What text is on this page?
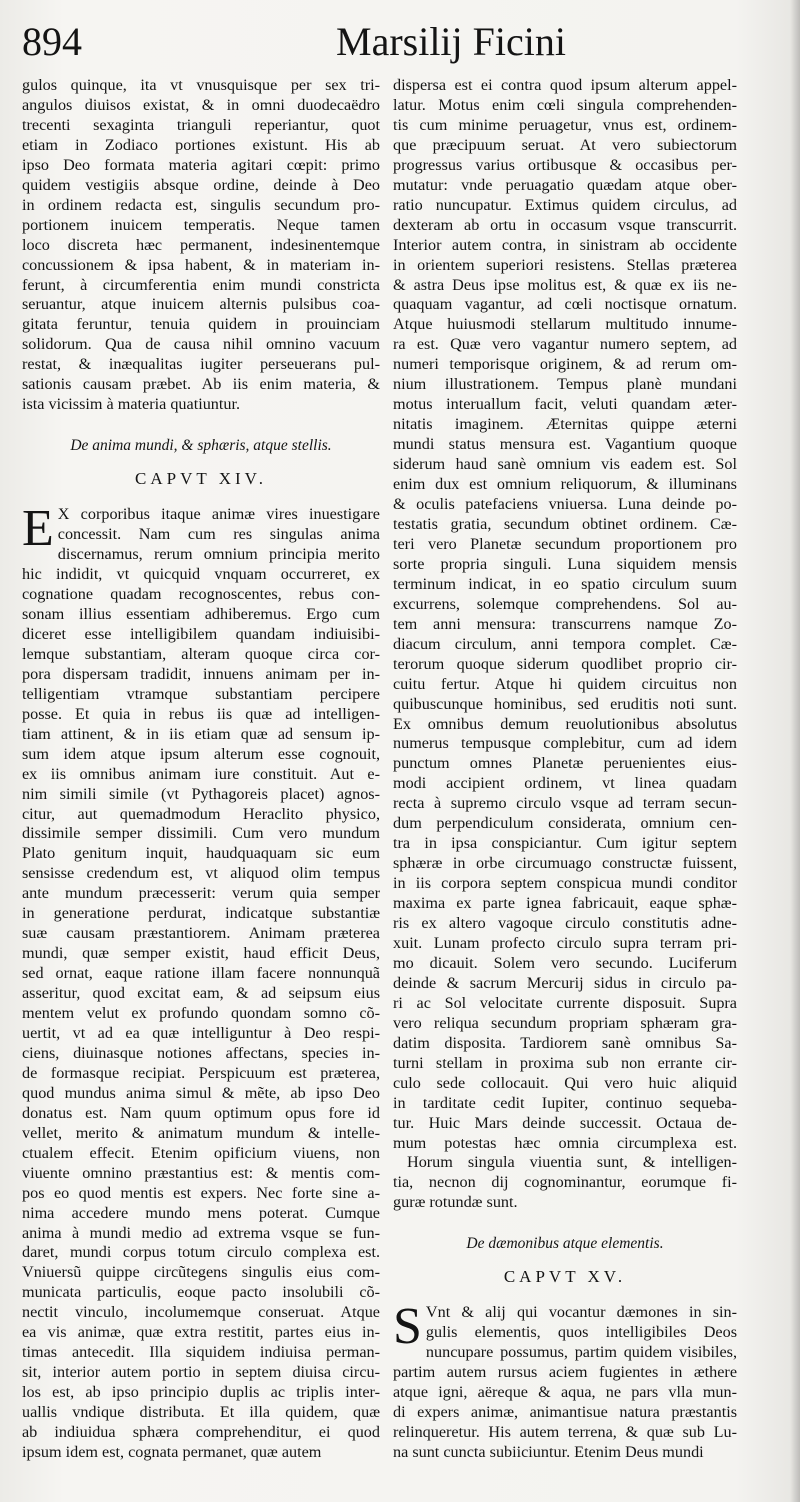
894	Marsilij Ficini
gulos quinque, ita vt vnusquisque per sex tri-
angulos diuisos existat, & in omni duodecaëdro
trecenti sexaginta trianguli reperiantur, quot
etiam in Zodiaco portiones existunt. His ab
ipso Deo formata materia agitari cœpit: primo
quidem vestigiis absque ordine, deinde à Deo
in ordinem redacta est, singulis secundum pro-
portionem inuicem temperatis. Neque tamen
loco discreta hæc permanent, indesinentemque
concussionem & ipsa habent, & in materiam in-
ferunt, à circumferentia enim mundi constricta
seruantur, atque inuicem alternis pulsibus coa-
gitata feruntur, tenuia quidem in prouinciam
solidorum. Qua de causa nihil omnino vacuum
restat, & inæqualitas iugiter perseuerans pul-
sationis causam præbet. Ab iis enim materia, &
ista vicissim à materia quatiuntur.
De anima mundi, & sphæris, atque stellis.
CAPVT XIV.
E X corporibus itaque animæ vires inuestigare
concessit. Nam cum res singulas anima
discernamus, rerum omnium principia merito
hic indidit, vt quicquid vnquam occurreret, ex
cognatione quadam recognoscentes, rebus con-
sonam illius essentiam adhiberemus. Ergo cum
diceret esse intelligibilem quandam indiuisibi-
lemque substantiam, alteram quoque circa cor-
pora dispersam tradidit, innuens animam per in-
telligentiam vtramque substantiam percipere
posse. Et quia in rebus iis quæ ad intelligen-
tiam attinent, & in iis etiam quæ ad sensum ip-
sum idem atque ipsum alterum esse cognouit,
ex iis omnibus animam iure constituit. Aut e-
nim simili simile (vt Pythagoreis placet) agnos-
citur, aut quemadmodum Heraclito physico,
dissimile semper dissimili. Cum vero mundum
Plato genitum inquit, haudquaquam sic eum
sensisse credendum est, vt aliquod olim tempus
ante mundum præcesserit: verum quia semper
in generatione perdurat, indicatque substantiæ
suæ causam præstantiorem. Animam præterea
mundi, quæ semper existit, haud efficit Deus,
sed ornat, eaque ratione illam facere nonnunquã
asseritur, quod excitat eam, & ad seipsum eius
mentem velut ex profundo quondam somno cõ-
uertit, vt ad ea quæ intelliguntur à Deo respi-
ciens, diuinasque notiones affectans, species in-
de formasque recipiat. Perspicuum est præterea,
quod mundus anima simul & mẽte, ab ipso Deo
donatus est. Nam quum optimum opus fore id
vellet, merito & animatum mundum & intelle-
ctualem effecit. Etenim opificium viuens, non
viuente omnino præstantius est: & mentis com-
pos eo quod mentis est expers. Nec forte sine a-
nima accedere mundo mens poterat. Cumque
anima à mundi medio ad extrema vsque se fun-
daret, mundi corpus totum circulo complexa est.
Vniuersũ quippe circũtegens singulis eius com-
municata particulis, eoque pacto insolubili cõ-
nectit vinculo, incolumemque conseruat. Atque
ea vis animæ, quæ extra restitit, partes eius in-
timas antecedit. Illa siquidem indiuisa perman-
sit, interior autem portio in septem diuisa circu-
los est, ab ipso principio duplis ac triplis inter-
uallis vndique distributa. Et illa quidem, quæ
ab indiuidua sphæra comprehenditur, ei quod
ipsum idem est, cognata permanet, quæ autem
dispersa est ei contra quod ipsum alterum appel-
latur. Motus enim cœli singula comprehenden-
tis cum minime peruagetur, vnus est, ordinem-
que præcipuum seruat. At vero subiectorum
progressus varius ortibusque & occasibus per-
mutatur: vnde peruagatio quædam atque ober-
ratio nuncupatur. Extimus quidem circulus, ad
dexteram ab ortu in occasum vsque transcurrit.
Interior autem contra, in sinistram ab occidente
in orientem superiori resistens. Stellas præterea
& astra Deus ipse molitus est, & quæ ex iis ne-
quaquam vagantur, ad cœli noctisque ornatum.
Atque huiusmodi stellarum multitudo innume-
ra est. Quæ vero vagantur numero septem, ad
numeri temporisque originem, & ad rerum om-
nium illustrationem. Tempus planè mundani
motus interuallum facit, veluti quandam æter-
nitatis imaginem. Æternitas quippe æterni
mundi status mensura est. Vagantium quoque
siderum haud sanè omnium vis eadem est. Sol
enim dux est omnium reliquorum, & illuminans
& oculis patefaciens vniuersa. Luna deinde po-
testatis gratia, secundum obtinet ordinem. Cæ-
teri vero Planetæ secundum proportionem pro
sorte propria singuli. Luna siquidem mensis
terminum indicat, in eo spatio circulum suum
excurrens, solemque comprehendens. Sol au-
tem anni mensura: transcurrens namque Zo-
diacum circulum, anni tempora complet. Cæ-
terorum quoque siderum quodlibet proprio cir-
cuitu fertur. Atque hi quidem circuitus non
quibuscunque hominibus, sed eruditis noti sunt.
Ex omnibus demum reuolutionibus absolutus
numerus tempusque complebitur, cum ad idem
punctum omnes Planetæ peruenientes eius-
modi accipient ordinem, vt linea quadam
recta à supremo circulo vsque ad terram secun-
dum perpendiculum considerata, omnium cen-
tra in ipsa conspiciantur. Cum igitur septem
sphæræ in orbe circumuago constructæ fuissent,
in iis corpora septem conspicua mundi conditor
maxima ex parte ignea fabricauit, eaque sphæ-
ris ex altero vagoque circulo constitutis adne-
xuit. Lunam profecto circulo supra terram pri-
mo dicauit. Solem vero secundo. Luciferum
deinde & sacrum Mercurij sidus in circulo pa-
ri ac Sol velocitate currente disposuit. Supra
vero reliqua secundum propriam sphæram gra-
datim disposita. Tardiorem sanè omnibus Sa-
turni stellam in proxima sub non errante cir-
culo sede collocauit. Qui vero huic aliquid
in tarditate cedit Iupiter, continuo sequeba-
tur. Huic Mars deinde successit. Octaua de-
mum potestas hæc omnia circumplexa est.
Horum singula viuentia sunt, & intelligen-
tia, necnon dij cognominantur, eorumque fi-
guræ rotundæ sunt.
De dæmonibus atque elementis.
CAPVT XV.
S Vnt & alij qui vocantur dæmones in sin-
gulis elementis, quos intelligibiles Deos
nuncupare possumus, partim quidem visibiles,
partim autem rursus aciem fugientes in æthere
atque igni, aëreque & aqua, ne pars vlla mun-
di expers animæ, animantisue natura præstantis
relinqueretur. His autem terrena, & quæ sub Lu-
na sunt cuncta subiiciuntur. Etenim Deus mundi
